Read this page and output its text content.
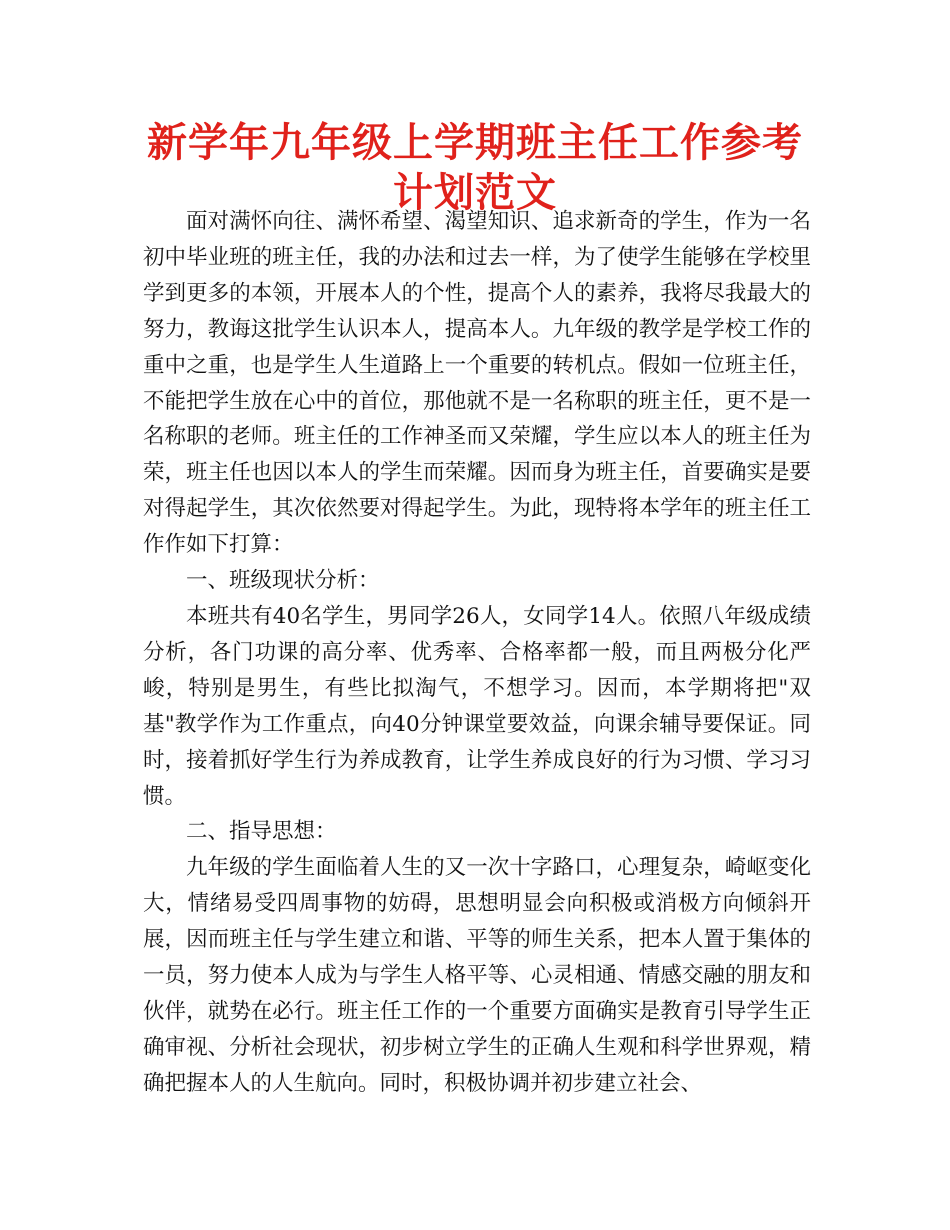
新学年九年级上学期班主任工作参考计划范文

面对满怀向往、满怀希望、渴望知识、追求新奇的学生，作为一名初中毕业班的班主任，我的办法和过去一样，为了使学生能够在学校里学到更多的本领，开展本人的个性，提高个人的素养，我将尽我最大的努力，教诲这批学生认识本人，提高本人。九年级的教学是学校工作的重中之重，也是学生人生道路上一个重要的转机点。假如一位班主任，不能把学生放在心中的首位，那他就不是一名称职的班主任，更不是一名称职的老师。班主任的工作神圣而又荣耀，学生应以本人的班主任为荣，班主任也因以本人的学生而荣耀。因而身为班主任，首要确实是要对得起学生，其次依然要对得起学生。为此，现特将本学年的班主任工作作如下打算：

一、班级现状分析：

本班共有40名学生，男同学26人，女同学14人。依照八年级成绩分析，各门功课的高分率、优秀率、合格率都一般，而且两极分化严峻，特别是男生，有些比拟淘气，不想学习。因而，本学期将把"双基"教学作为工作重点，向40分钟课堂要效益，向课余辅导要保证。同时，接着抓好学生行为养成教育，让学生养成良好的行为习惯、学习习惯。

二、指导思想：

九年级的学生面临着人生的又一次十字路口，心理复杂，崎岖变化大，情绪易受四周事物的妨碍，思想明显会向积极或消极方向倾斜开展，因而班主任与学生建立和谐、平等的师生关系，把本人置于集体的一员，努力使本人成为与学生人格平等、心灵相通、情感交融的朋友和伙伴，就势在必行。班主任工作的一个重要方面确实是教育引导学生正确审视、分析社会现状，初步树立学生的正确人生观和科学世界观，精确把握本人的人生航向。同时，积极协调并初步建立社会、
